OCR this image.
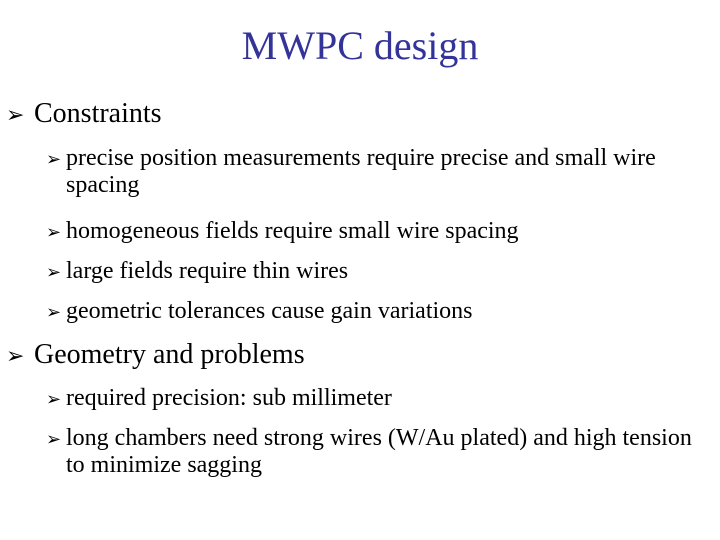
MWPC design
➢ Constraints
➢ precise position measurements require precise and small wire spacing
➢ homogeneous fields require small wire spacing
➢ large fields require thin wires
➢ geometric tolerances cause gain variations
➢ Geometry and problems
➢ required precision: sub millimeter
➢ long chambers need strong wires (W/Au plated) and high tension to minimize sagging
